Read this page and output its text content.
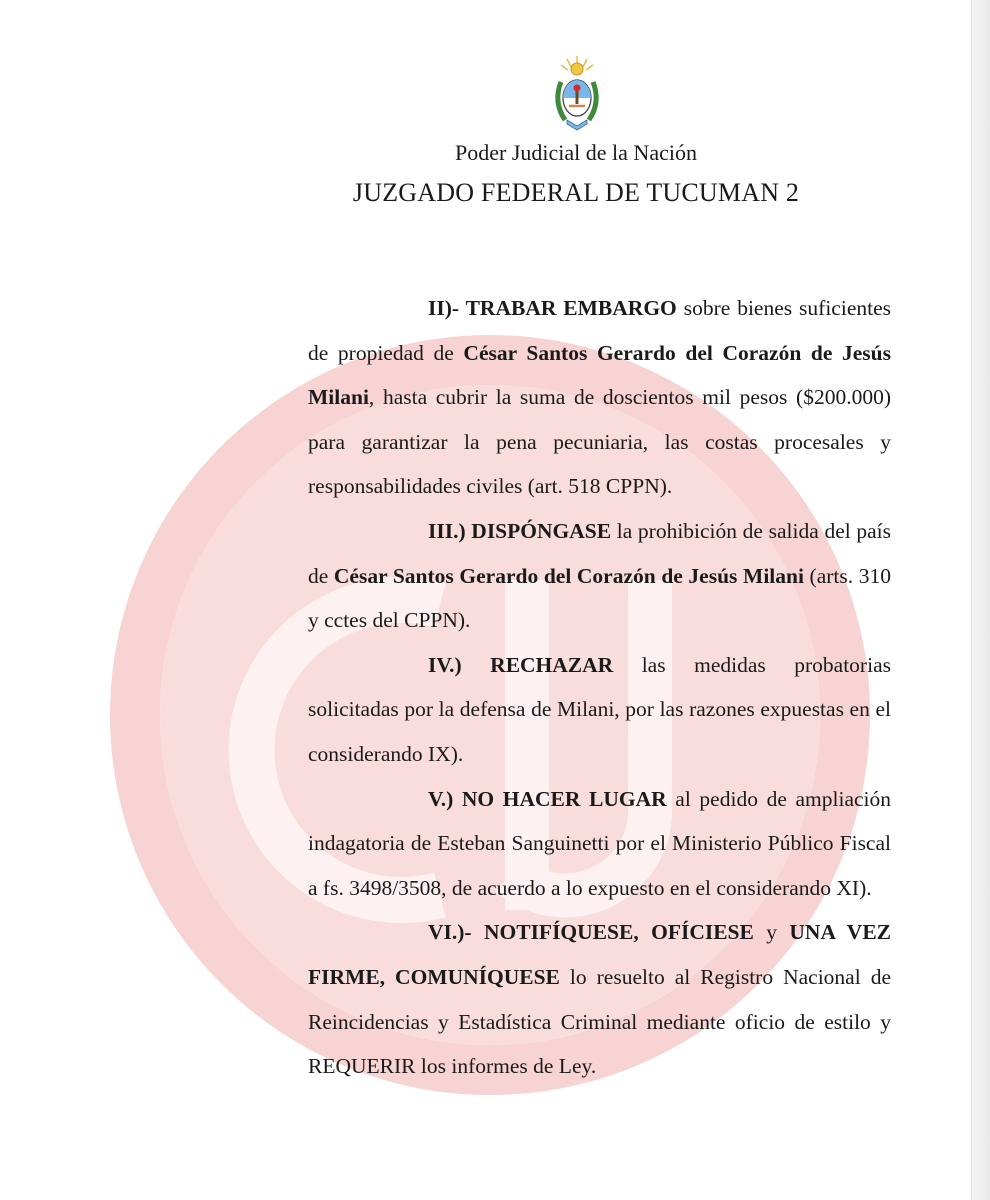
Poder Judicial de la Nación
JUZGADO FEDERAL DE TUCUMAN 2

II)- TRABAR EMBARGO sobre bienes suficientes de propiedad de César Santos Gerardo del Corazón de Jesús Milani, hasta cubrir la suma de doscientos mil pesos ($200.000) para garantizar la pena pecuniaria, las costas procesales y responsabilidades civiles (art. 518 CPPN).

III.) DISPÓNGASE la prohibición de salida del país de César Santos Gerardo del Corazón de Jesús Milani (arts. 310 y cctes del CPPN).

IV.) RECHAZAR las medidas probatorias solicitadas por la defensa de Milani, por las razones expuestas en el considerando IX).

V.) NO HACER LUGAR al pedido de ampliación indagatoria de Esteban Sanguinetti por el Ministerio Público Fiscal a fs. 3498/3508, de acuerdo a lo expuesto en el considerando XI).

VI.)- NOTIFÍQUESE, OFÍCIESE y UNA VEZ FIRME, COMUNÍQUESE lo resuelto al Registro Nacional de Reincidencias y Estadística Criminal mediante oficio de estilo y REQUERIR los informes de Ley.
